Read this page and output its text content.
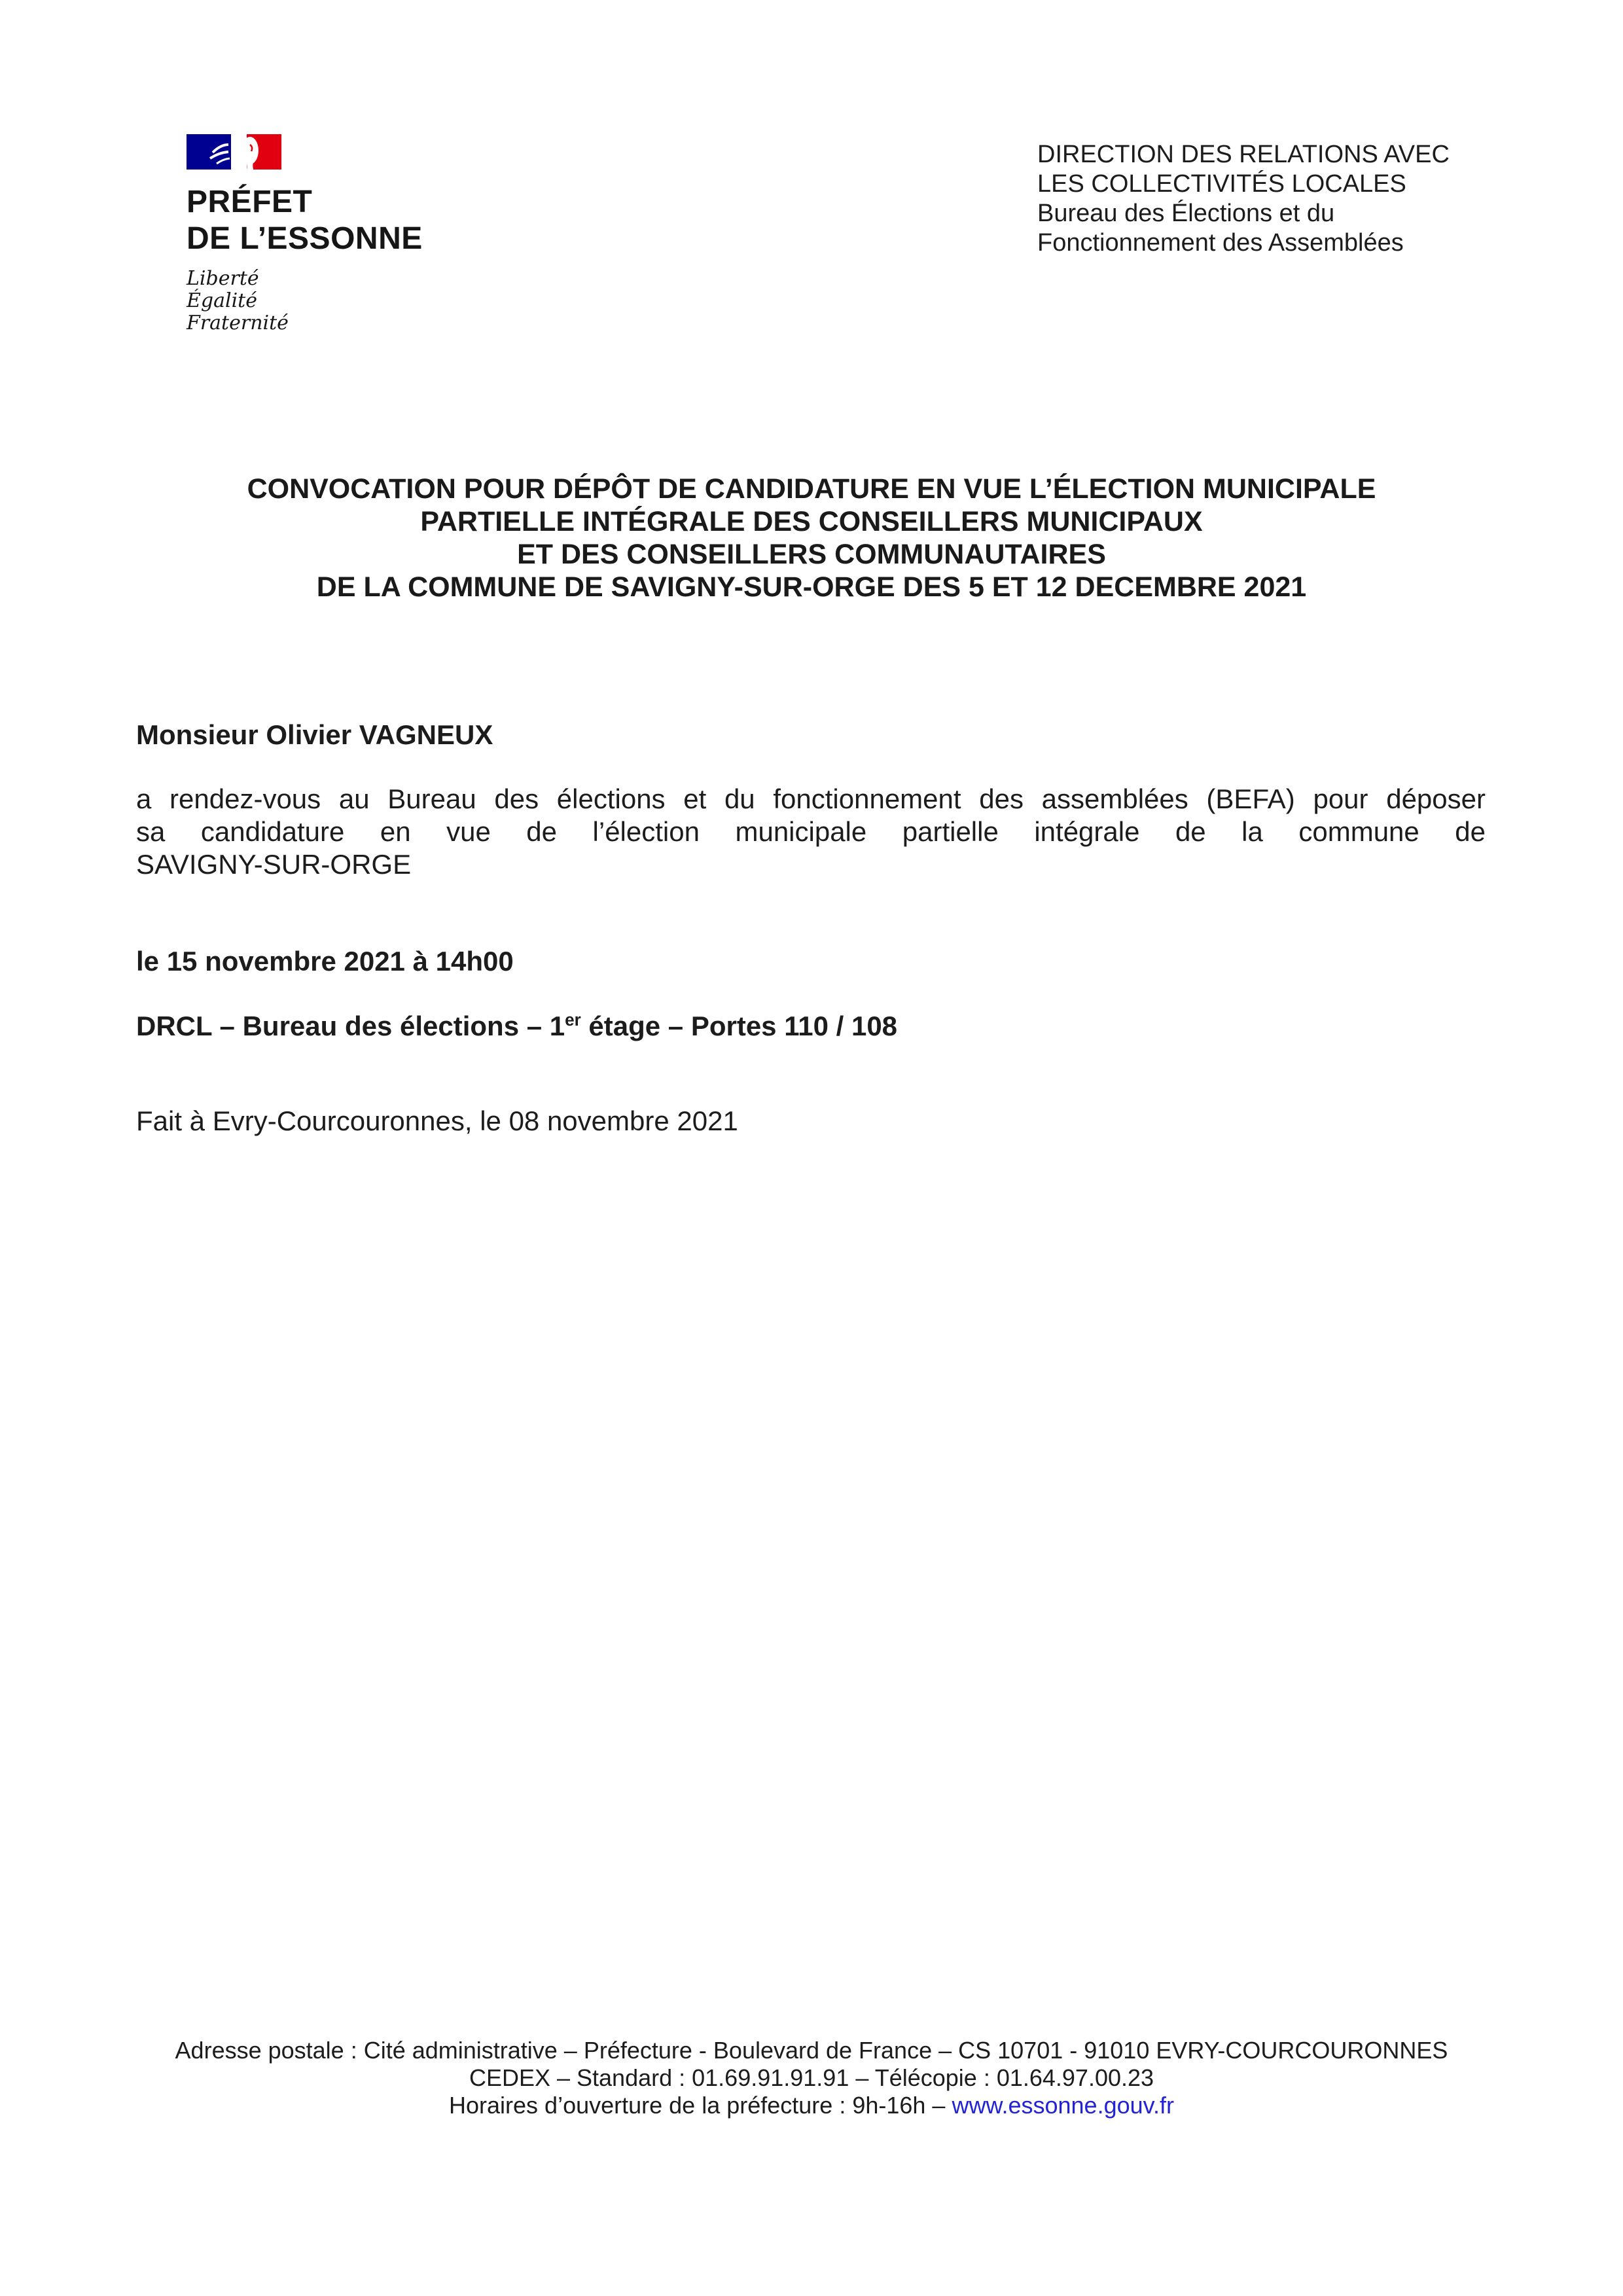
PRÉFET
DE L’ESSONNE
Liberté
Égalité
Fraternité
DIRECTION DES RELATIONS AVEC
LES COLLECTIVITÉS LOCALES
Bureau des Élections et du
Fonctionnement des Assemblées
CONVOCATION POUR DÉPÔT DE CANDIDATURE EN VUE L’ÉLECTION MUNICIPALE
PARTIELLE INTÉGRALE DES CONSEILLERS MUNICIPAUX
ET DES CONSEILLERS COMMUNAUTAIRES
DE LA COMMUNE DE SAVIGNY-SUR-ORGE DES 5 ET 12 DECEMBRE 2021
Monsieur Olivier VAGNEUX
a rendez-vous au Bureau des élections et du fonctionnement des assemblées (BEFA) pour déposer
sa candidature en vue de l’élection municipale partielle intégrale de la commune de
SAVIGNY-SUR-ORGE
le 15 novembre 2021 à 14h00
DRCL – Bureau des élections – 1er étage – Portes 110 / 108
Fait à Evry-Courcouronnes, le 08 novembre 2021
Adresse postale : Cité administrative – Préfecture - Boulevard de France – CS 10701 - 91010 EVRY-COURCOURONNES
CEDEX – Standard : 01.69.91.91.91 – Télécopie : 01.64.97.00.23
Horaires d’ouverture de la préfecture : 9h-16h – www.essonne.gouv.fr
